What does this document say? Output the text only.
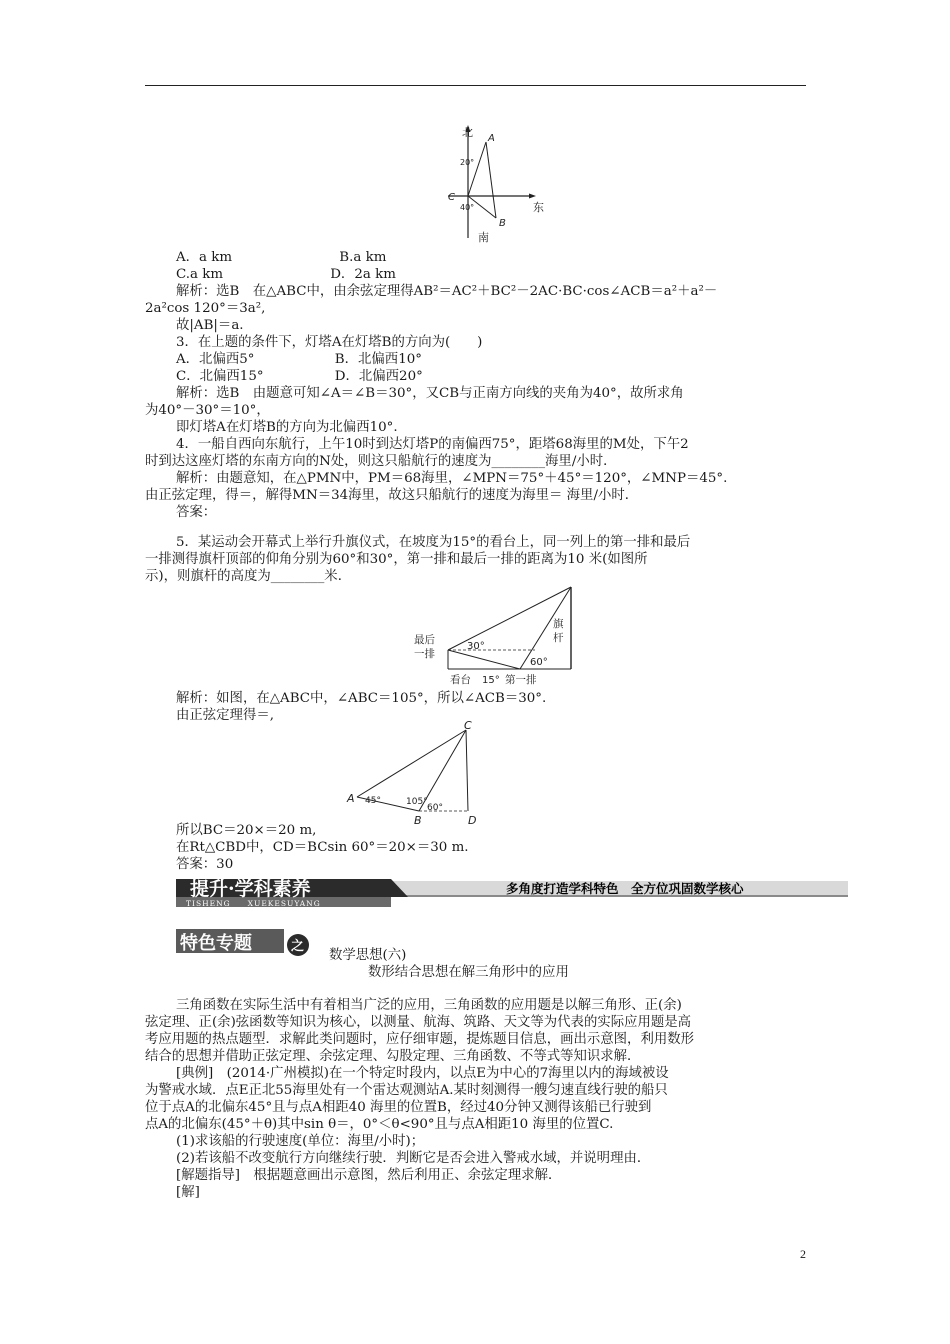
北 A
20°
C
东
40°
B
南
A．a km　　　　　　　　B.a km
C.a km　　　　　　　　D．2a km
解析：选B　在△ABC中，由余弦定理得AB²＝AC²＋BC²－2AC·BC·cos∠ACB＝a²＋a²－
2a²cos 120°＝3a²,
故|AB|＝a.
3．在上题的条件下，灯塔A在灯塔B的方向为(　　)
A．北偏西5°　　　　　　B．北偏西10°
C．北偏西15°　　　　　 D．北偏西20°
解析：选B　由题意可知∠A＝∠B＝30°，又CB与正南方向线的夹角为40°，故所求角
为40°－30°＝10°，
即灯塔A在灯塔B的方向为北偏西10°.
4．一船自西向东航行，上午10时到达灯塔P的南偏西75°，距塔68海里的M处，下午2
时到达这座灯塔的东南方向的N处，则这只船航行的速度为________海里/小时．
解析：由题意知，在△PMN中，PM＝68海里，∠MPN＝75°＋45°＝120°，∠MNP＝45°.
由正弦定理，得＝，解得MN＝34海里，故这只船航行的速度为海里＝ 海里/小时．
答案：
5．某运动会开幕式上举行升旗仪式，在坡度为15°的看台上，同一列上的第一排和最后
一排测得旗杆顶部的仰角分别为60°和30°，第一排和最后一排的距离为10 米(如图所
示)，则旗杆的高度为________米．
最后
一排
30°
旗
杆
60°
看台 15° 第一排
解析：如图，在△ABC中，∠ABC＝105°，所以∠ACB＝30°.
由正弦定理得＝,
C
A 45°	105°
60°
B	D
所以BC＝20×＝20 m,
在Rt△CBD中，CD＝BCsin 60°＝20×＝30 m.
答案：30
提升·学科素养
TISHENG　　XUEKESUYANG
多角度打造学科特色　全方位巩固数学核心
特色专题	之
数学思想(六)
数形结合思想在解三角形中的应用
三角函数在实际生活中有着相当广泛的应用，三角函数的应用题是以解三角形、正(余)
弦定理、正(余)弦函数等知识为核心，以测量、航海、筑路、天文等为代表的实际应用题是高
考应用题的热点题型．求解此类问题时，应仔细审题，提炼题目信息，画出示意图，利用数形
结合的思想并借助正弦定理、余弦定理、勾股定理、三角函数、不等式等知识求解．
[典例]　(2014·广州模拟)在一个特定时段内，以点E为中心的7海里以内的海域被设
为警戒水域．点E正北55海里处有一个雷达观测站A.某时刻测得一艘匀速直线行驶的船只
位于点A的北偏东45°且与点A相距40 海里的位置B，经过40分钟又测得该船已行驶到
点A的北偏东(45°＋θ)其中sin θ＝，0°＜θ<90°且与点A相距10 海里的位置C.
(1)求该船的行驶速度(单位：海里/小时)；
(2)若该船不改变航行方向继续行驶．判断它是否会进入警戒水域，并说明理由．
[解题指导]　根据题意画出示意图，然后利用正、余弦定理求解．
[解]
2
